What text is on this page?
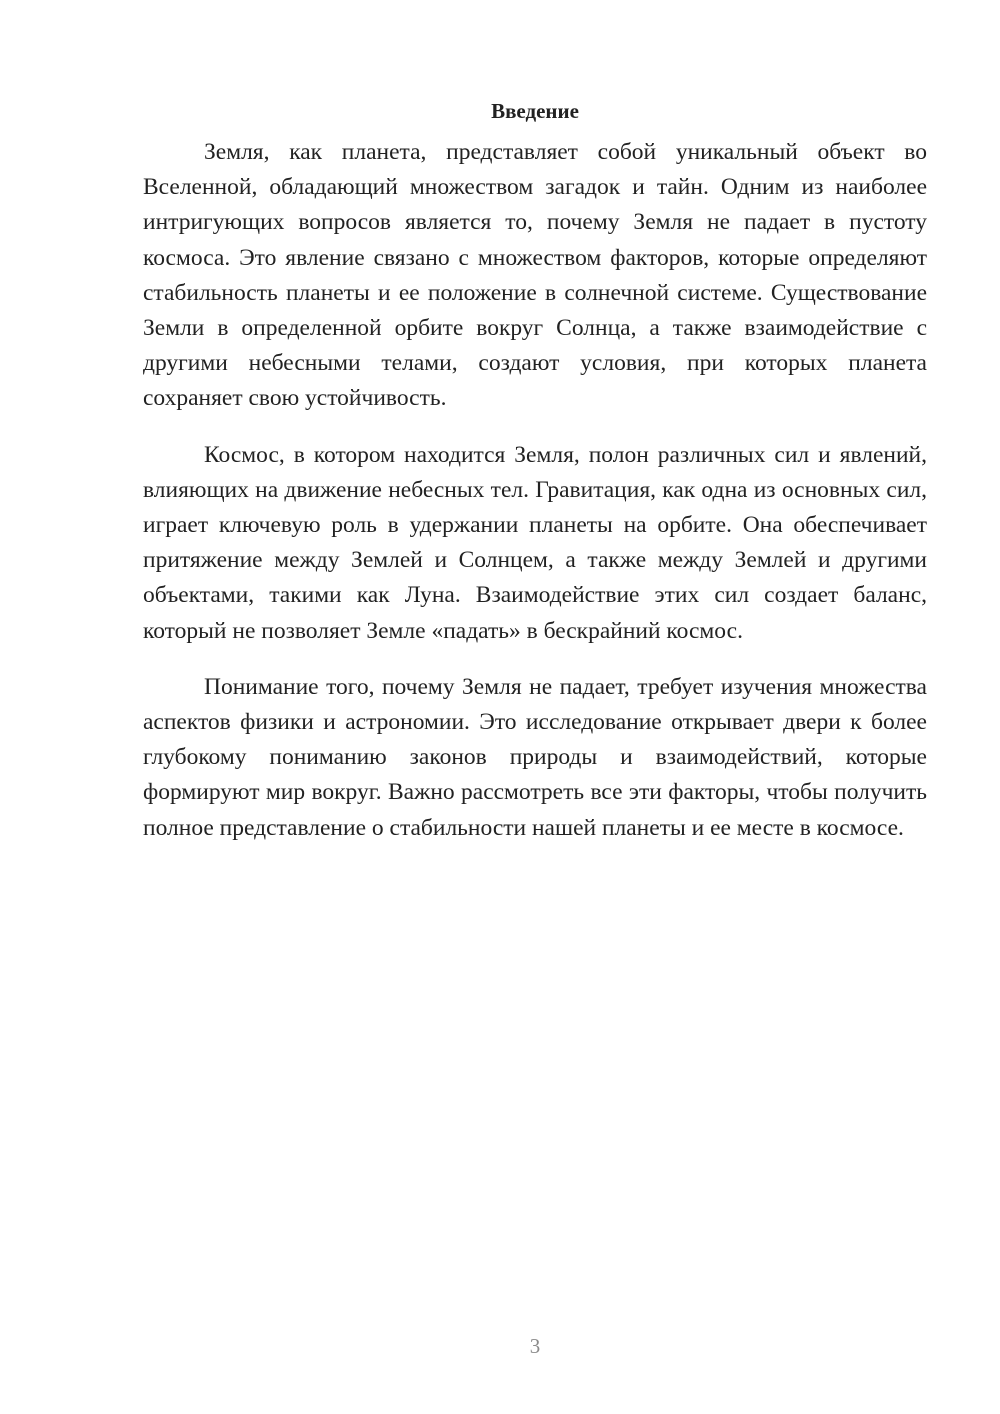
Введение

Земля, как планета, представляет собой уникальный объект во Вселенной, обладающий множеством загадок и тайн. Одним из наиболее интригующих вопросов является то, почему Земля не падает в пустоту космоса. Это явление связано с множеством факторов, которые определяют стабильность планеты и ее положение в солнечной системе. Существование Земли в определенной орбите вокруг Солнца, а также взаимодействие с другими небесными телами, создают условия, при которых планета сохраняет свою устойчивость.

Космос, в котором находится Земля, полон различных сил и явлений, влияющих на движение небесных тел. Гравитация, как одна из основных сил, играет ключевую роль в удержании планеты на орбите. Она обеспечивает притяжение между Землей и Солнцем, а также между Землей и другими объектами, такими как Луна. Взаимодействие этих сил создает баланс, который не позволяет Земле «падать» в бескрайний космос.

Понимание того, почему Земля не падает, требует изучения множества аспектов физики и астрономии. Это исследование открывает двери к более глубокому пониманию законов природы и взаимодействий, которые формируют мир вокруг. Важно рассмотреть все эти факторы, чтобы получить полное представление о стабильности нашей планеты и ее месте в космосе.

3
